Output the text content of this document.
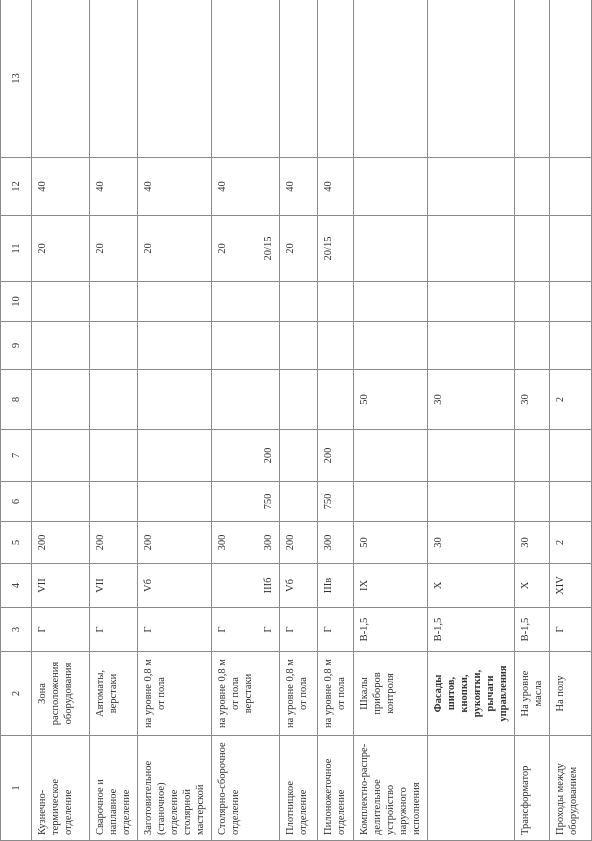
1	2	3	4	5	6	7	8	9	10	11	12	13
Кузнечно-термическое отделение	Зона расположения оборудования	Г	VII	200						20	40	
Сварочное и наплавное отделение	Автоматы, верстаки	Г	VII	200						20	40	
Заготовительное (станочное) отделение столярной мастерской	на уровне 0,8 м от пола	Г	Vб	200						20	40	
Столярно-сборочное отделение	на уровне 0,8 м от пола верстаки	Г Г	IIIб	300 300	750	200				20 20/15	40	
Плотницкое отделение	на уровне 0,8 м от пола	Г	Vб	200						20	40	
Пилоножеточное отделение	на уровне 0,8 м от пола	Г	IIIв	300	750	200				20/15	40	
Комплектно-распре-делительное устройство наружного исполнения	Шкалы приборов контроля	В-1,5	IX	50			50					
	Фасады шитов, кнопки, рукоятки, рычаги управления	В-1,5	X	30			30					
Трансформатор	На уровне масла	В-1,5	X	30			30					
Проходы между оборудованием	На полу	Г	XIV	2			2					
